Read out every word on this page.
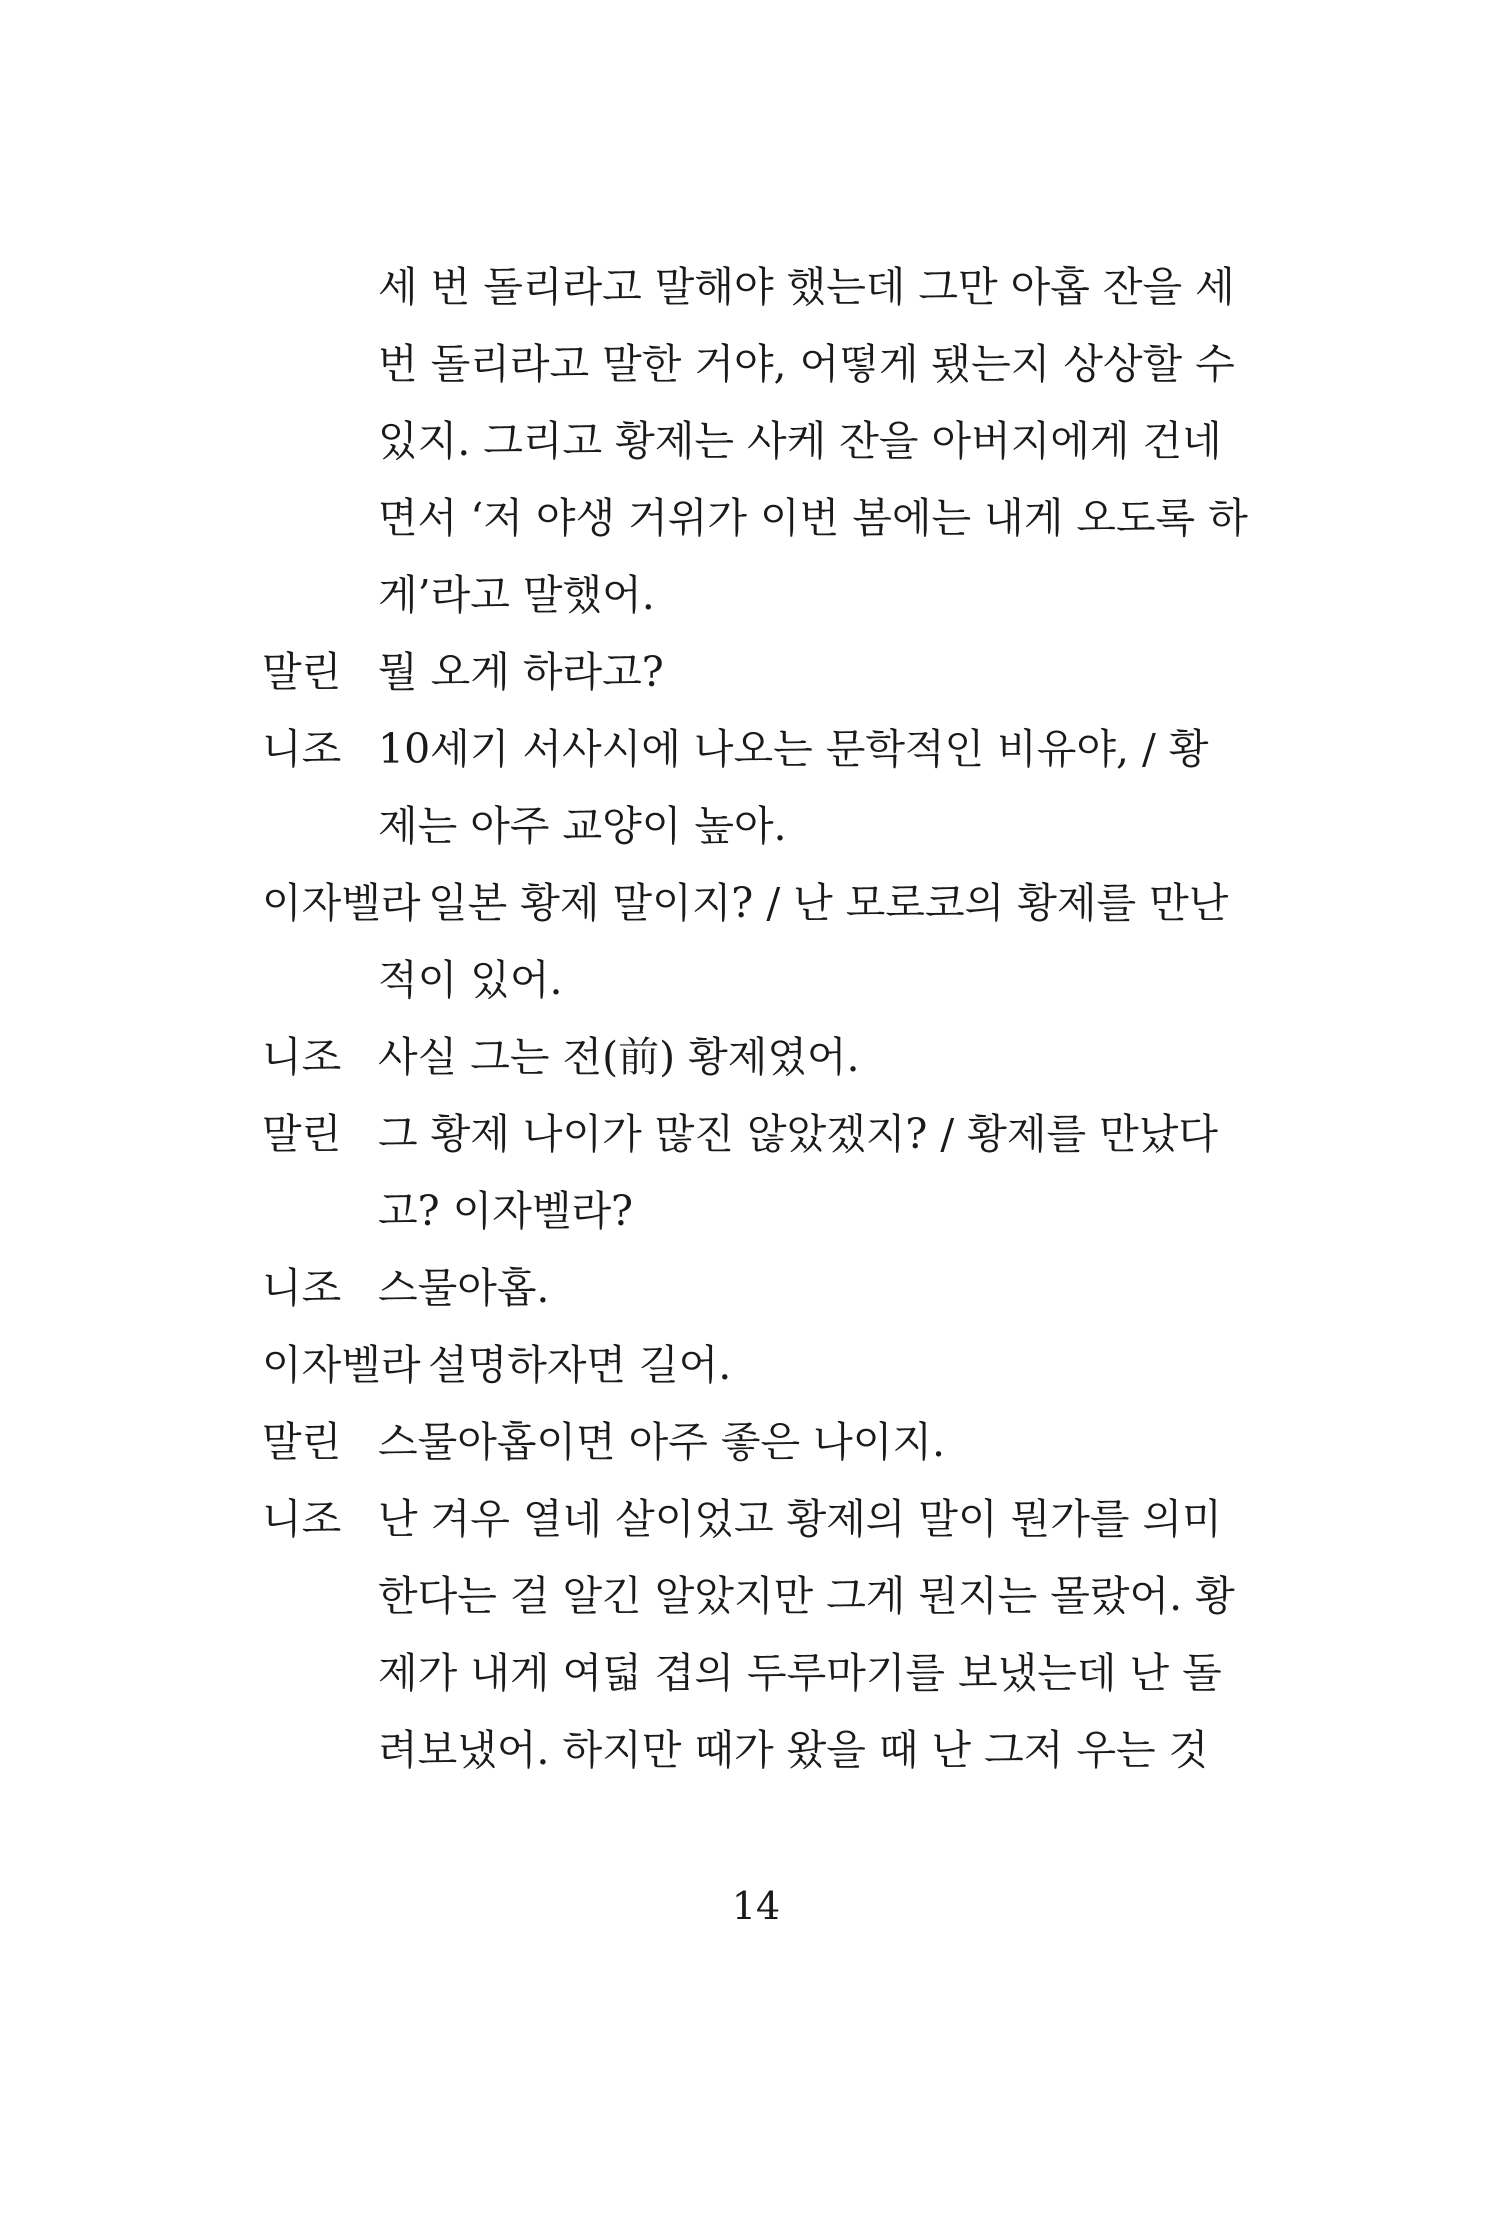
세 번 돌리라고 말해야 했는데 그만 아홉 잔을 세
번 돌리라고 말한 거야, 어떻게 됐는지 상상할 수
있지. 그리고 황제는 사케 잔을 아버지에게 건네
면서 ‘저 야생 거위가 이번 봄에는 내게 오도록 하
게’라고 말했어.
말린 뭘 오게 하라고?
니조 10세기 서사시에 나오는 문학적인 비유야, / 황
제는 아주 교양이 높아.
이자벨라 일본 황제 말이지? / 난 모로코의 황제를 만난
적이 있어.
니조 사실 그는 전(前) 황제였어.
말린 그 황제 나이가 많진 않았겠지? / 황제를 만났다
고? 이자벨라?
니조 스물아홉.
이자벨라 설명하자면 길어.
말린 스물아홉이면 아주 좋은 나이지.
니조 난 겨우 열네 살이었고 황제의 말이 뭔가를 의미
한다는 걸 알긴 알았지만 그게 뭔지는 몰랐어. 황
제가 내게 여덟 겹의 두루마기를 보냈는데 난 돌
려보냈어. 하지만 때가 왔을 때 난 그저 우는 것
14
